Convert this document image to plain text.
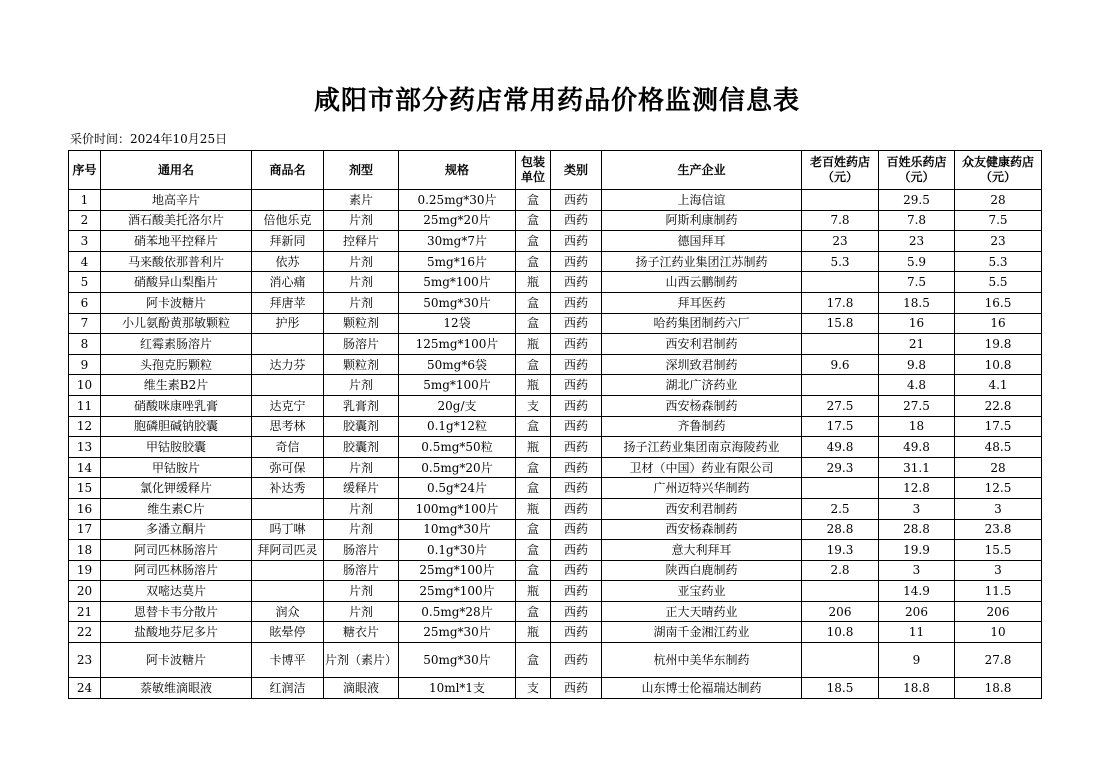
咸阳市部分药店常用药品价格监测信息表
采价时间：2024年10月25日
序号	通用名	商品名	剂型	规格	包装单位	类别	生产企业	老百姓药店（元）	百姓乐药店（元）	众友健康药店（元）
1	地高辛片		素片	0.25mg*30片	盒	西药	上海信谊		29.5	28
2	酒石酸美托洛尔片	倍他乐克	片剂	25mg*20片	盒	西药	阿斯利康制药	7.8	7.8	7.5
3	硝苯地平控释片	拜新同	控释片	30mg*7片	盒	西药	德国拜耳	23	23	23
4	马来酸依那普利片	依苏	片剂	5mg*16片	盒	西药	扬子江药业集团江苏制药	5.3	5.9	5.3
5	硝酸异山梨酯片	消心痛	片剂	5mg*100片	瓶	西药	山西云鹏制药		7.5	5.5
6	阿卡波糖片	拜唐苹	片剂	50mg*30片	盒	西药	拜耳医药	17.8	18.5	16.5
7	小儿氨酚黄那敏颗粒	护彤	颗粒剂	12袋	盒	西药	哈药集团制药六厂	15.8	16	16
8	红霉素肠溶片		肠溶片	125mg*100片	瓶	西药	西安利君制药		21	19.8
9	头孢克肟颗粒	达力芬	颗粒剂	50mg*6袋	盒	西药	深圳致君制药	9.6	9.8	10.8
10	维生素B2片		片剂	5mg*100片	瓶	西药	湖北广济药业		4.8	4.1
11	硝酸咪康唑乳膏	达克宁	乳膏剂	20g/支	支	西药	西安杨森制药	27.5	27.5	22.8
12	胞磷胆碱钠胶囊	思考林	胶囊剂	0.1g*12粒	盒	西药	齐鲁制药	17.5	18	17.5
13	甲钴胺胶囊	奇信	胶囊剂	0.5mg*50粒	瓶	西药	扬子江药业集团南京海陵药业	49.8	49.8	48.5
14	甲钴胺片	弥可保	片剂	0.5mg*20片	盒	西药	卫材（中国）药业有限公司	29.3	31.1	28
15	氯化钾缓释片	补达秀	缓释片	0.5g*24片	盒	西药	广州迈特兴华制药		12.8	12.5
16	维生素C片		片剂	100mg*100片	瓶	西药	西安利君制药	2.5	3	3
17	多潘立酮片	吗丁啉	片剂	10mg*30片	盒	西药	西安杨森制药	28.8	28.8	23.8
18	阿司匹林肠溶片	拜阿司匹灵	肠溶片	0.1g*30片	盒	西药	意大利拜耳	19.3	19.9	15.5
19	阿司匹林肠溶片		肠溶片	25mg*100片	盒	西药	陕西白鹿制药	2.8	3	3
20	双嘧达莫片		片剂	25mg*100片	瓶	西药	亚宝药业		14.9	11.5
21	恩替卡韦分散片	润众	片剂	0.5mg*28片	盒	西药	正大天晴药业	206	206	206
22	盐酸地芬尼多片	眩晕停	糖衣片	25mg*30片	瓶	西药	湖南千金湘江药业	10.8	11	10
23	阿卡波糖片	卡博平	片剂（素片）	50mg*30片	盒	西药	杭州中美华东制药		9	27.8
24	萘敏维滴眼液	红润洁	滴眼液	10ml*1支	支	西药	山东博士伦福瑞达制药	18.5	18.8	18.8
